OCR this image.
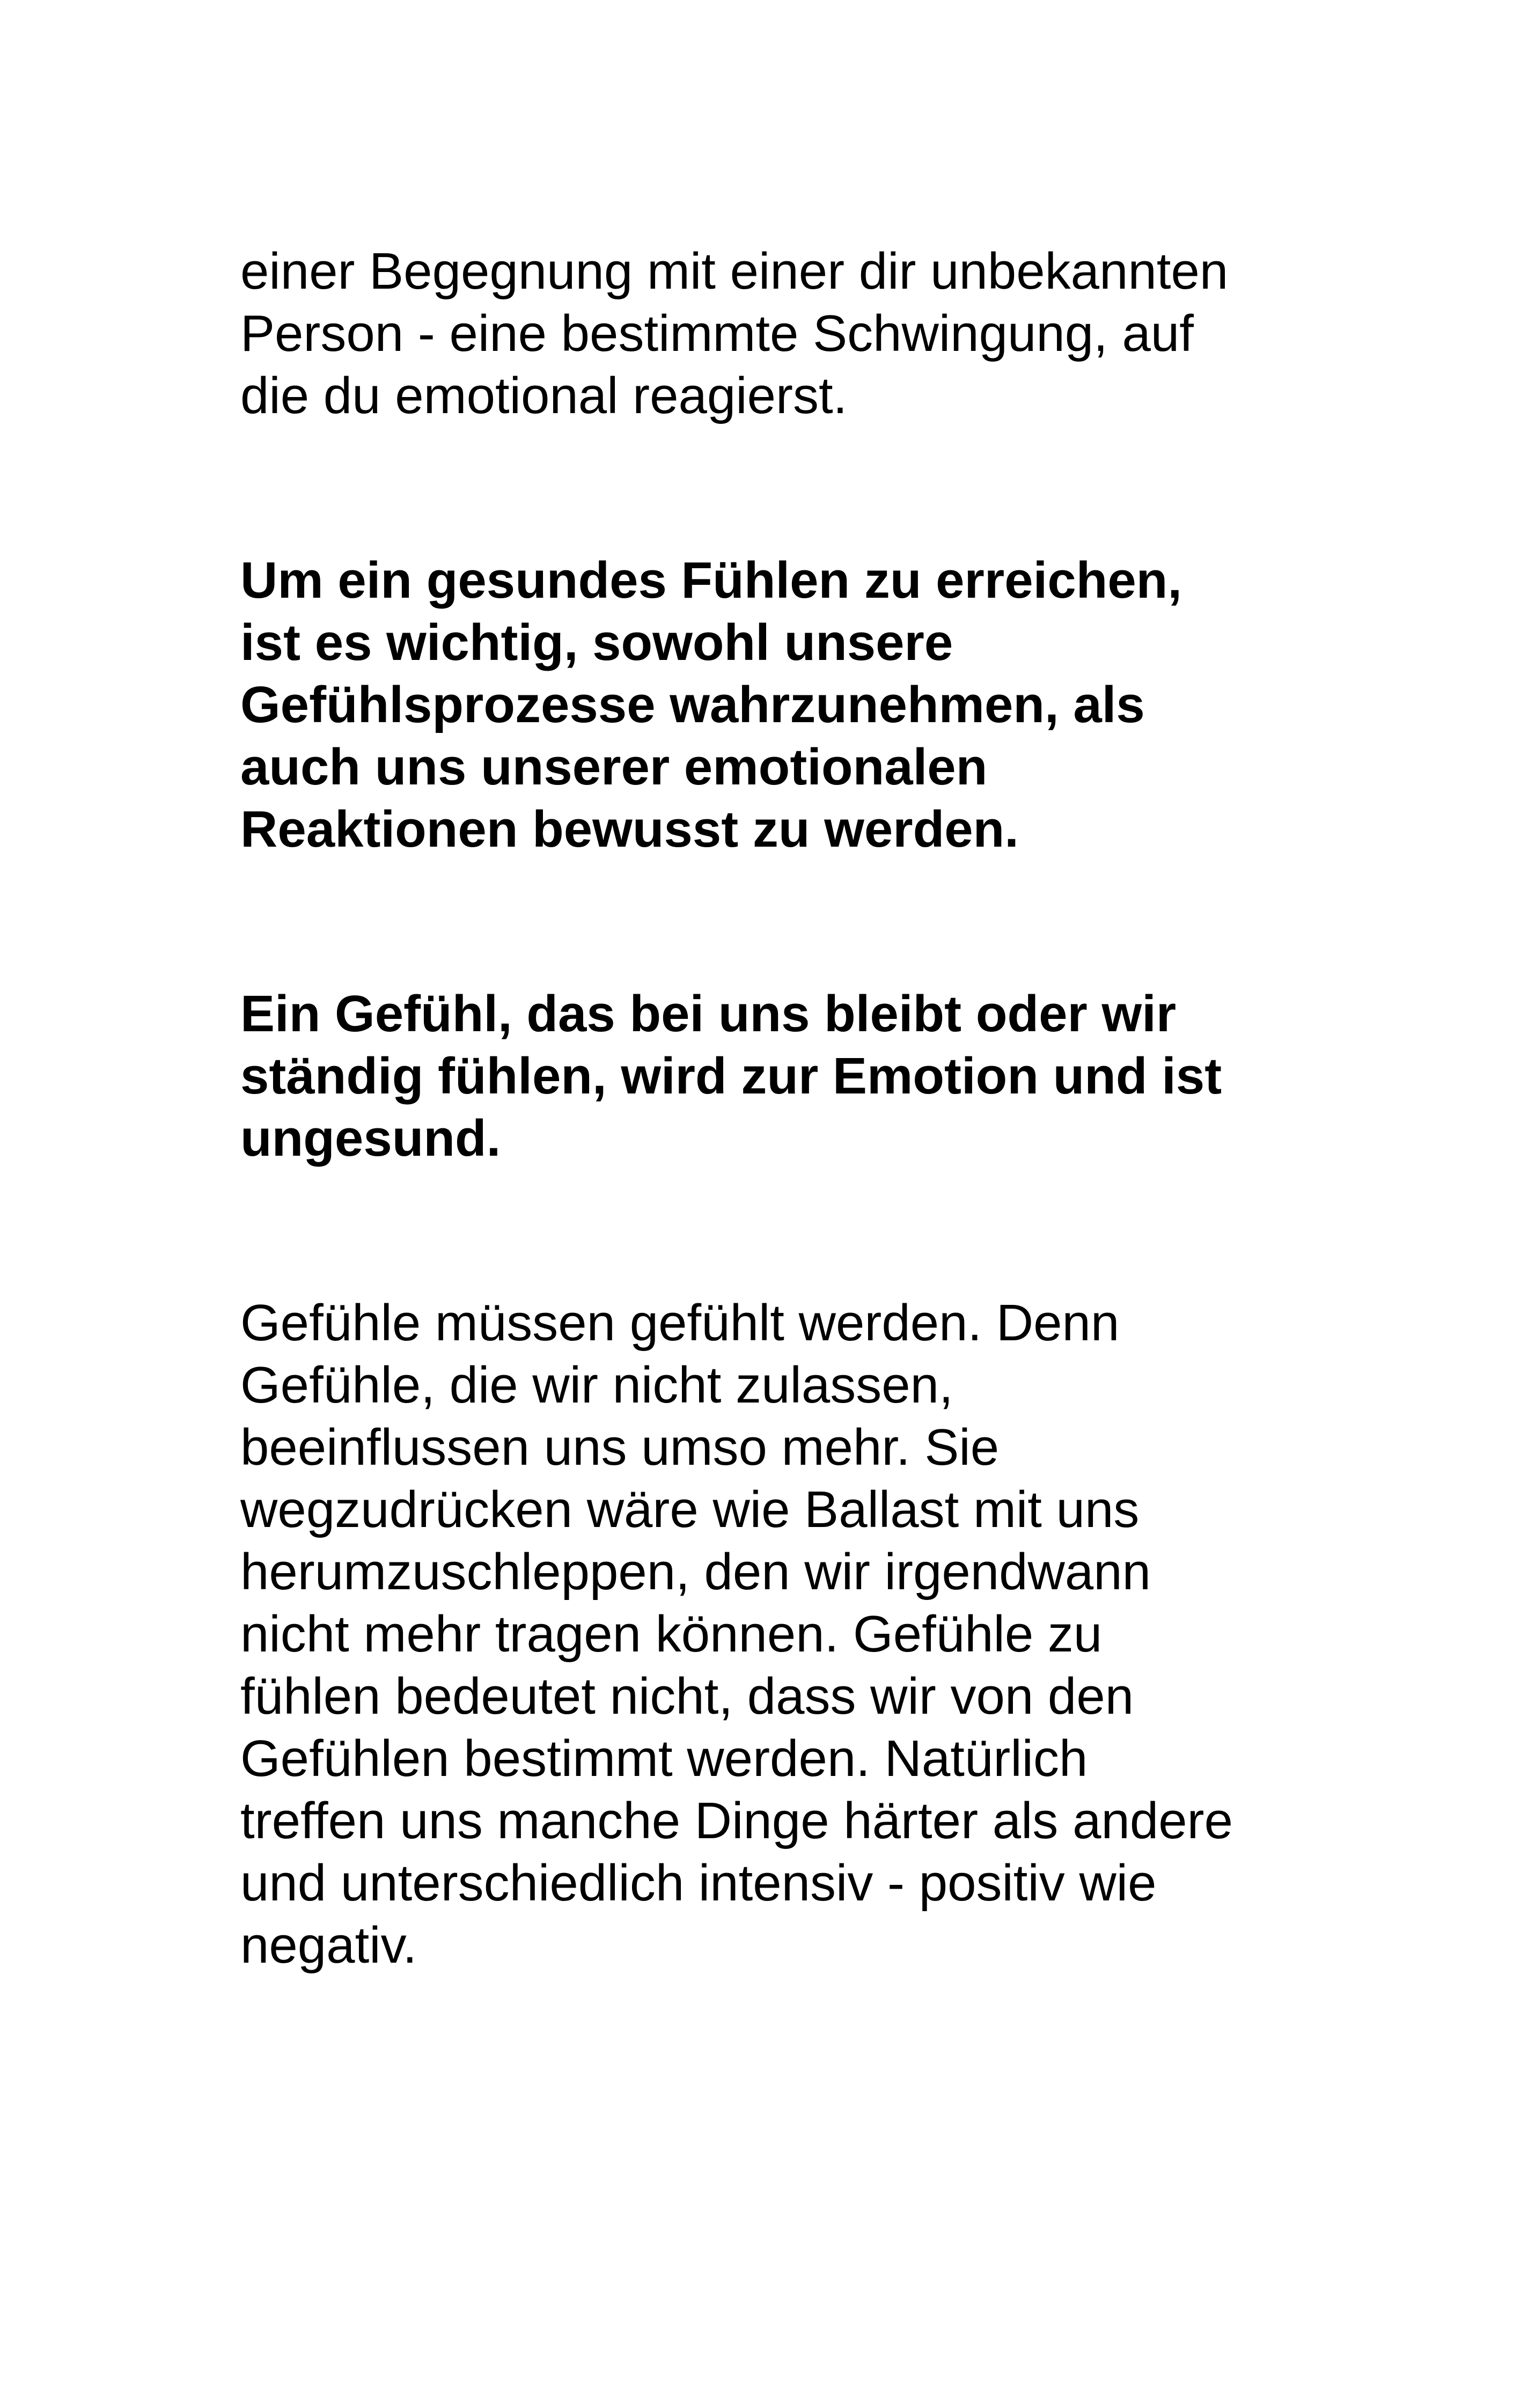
einer Begegnung mit einer dir unbekannten
Person - eine bestimmte Schwingung, auf
die du emotional reagierst.

Um ein gesundes Fühlen zu erreichen,
ist es wichtig, sowohl unsere
Gefühlsprozesse wahrzunehmen, als
auch uns unserer emotionalen
Reaktionen bewusst zu werden.

Ein Gefühl, das bei uns bleibt oder wir
ständig fühlen, wird zur Emotion und ist
ungesund.

Gefühle müssen gefühlt werden. Denn
Gefühle, die wir nicht zulassen,
beeinflussen uns umso mehr. Sie
wegzudrücken wäre wie Ballast mit uns
herumzuschleppen, den wir irgendwann
nicht mehr tragen können. Gefühle zu
fühlen bedeutet nicht, dass wir von den
Gefühlen bestimmt werden. Natürlich
treffen uns manche Dinge härter als andere
und unterschiedlich intensiv - positiv wie
negativ.
